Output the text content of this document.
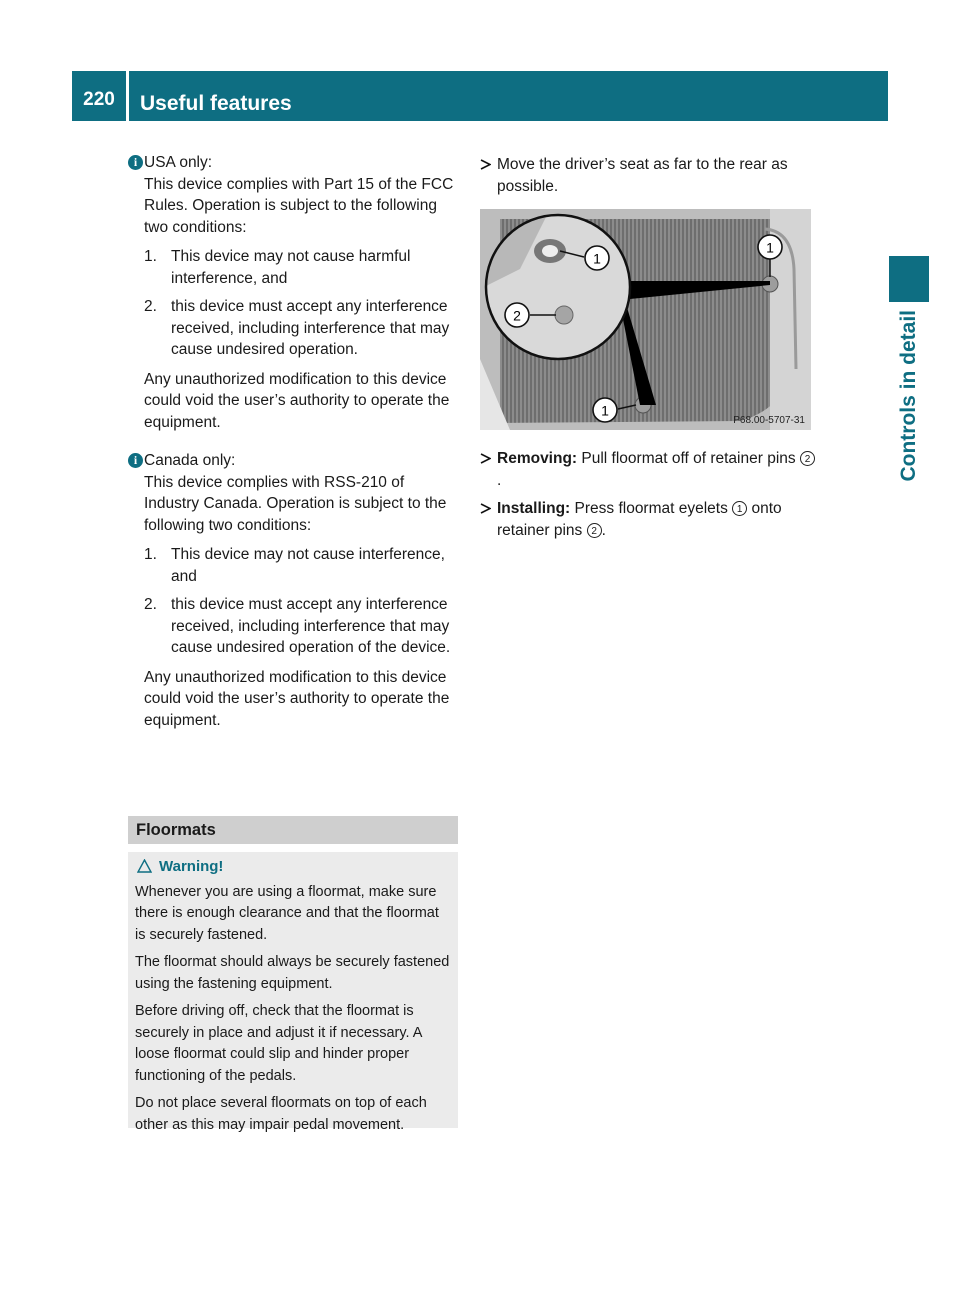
220	Useful features
Controls in detail
i USA only:

This device complies with Part 15 of the FCC Rules. Operation is subject to the following two conditions:

1. This device may not cause harmful interference, and
2. this device must accept any interference received, including interference that may cause undesired operation.

Any unauthorized modification to this device could void the user’s authority to operate the equipment.

i Canada only:

This device complies with RSS-210 of Industry Canada. Operation is subject to the following two conditions:

1. This device may not cause interference, and
2. this device must accept any interference received, including interference that may cause undesired operation of the device.

Any unauthorized modification to this device could void the user’s authority to operate the equipment.

Floormats
Warning!

Whenever you are using a floormat, make sure there is enough clearance and that the floormat is securely fastened.

The floormat should always be securely fastened using the fastening equipment.

Before driving off, check that the floormat is securely in place and adjust it if necessary. A loose floormat could slip and hinder proper functioning of the pedals.

Do not place several floormats on top of each other as this may impair pedal movement.

Move the driver’s seat as far to the rear as possible.
1
1
2
1
P68.00-5707-31
Removing: Pull floormat off of retainer pins 2.
Installing: Press floormat eyelets 1 onto retainer pins 2 .
